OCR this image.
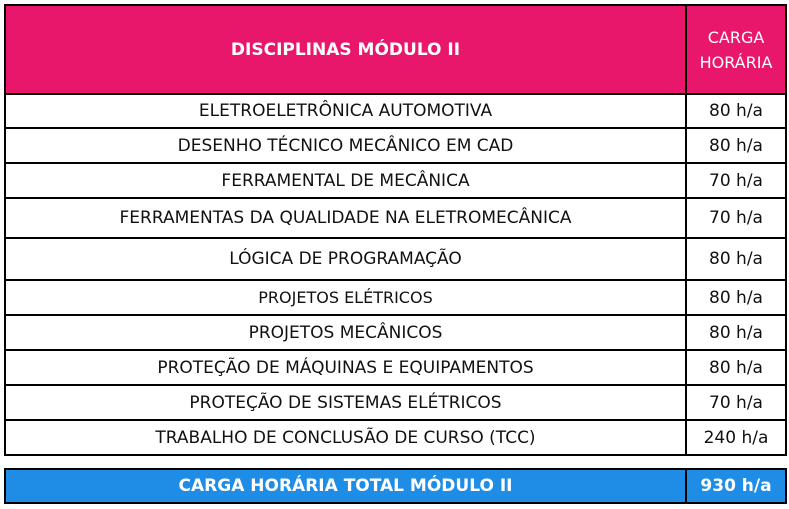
DISCIPLINAS MÓDULO II	CARGA
HORÁRIA
ELETROELETRÔNICA AUTOMOTIVA	80 h/a
DESENHO TÉCNICO MECÂNICO EM CAD	80 h/a
FERRAMENTAL DE MECÂNICA	70 h/a
FERRAMENTAS DA QUALIDADE NA ELETROMECÂNICA	70 h/a
LÓGICA DE PROGRAMAÇÃO	80 h/a
PROJETOS ELÉTRICOS	80 h/a
PROJETOS MECÂNICOS	80 h/a
PROTEÇÃO DE MÁQUINAS E EQUIPAMENTOS	80 h/a
PROTEÇÃO DE SISTEMAS ELÉTRICOS	70 h/a
TRABALHO DE CONCLUSÃO DE CURSO (TCC)	240 h/a
CARGA HORÁRIA TOTAL MÓDULO II	930 h/a
